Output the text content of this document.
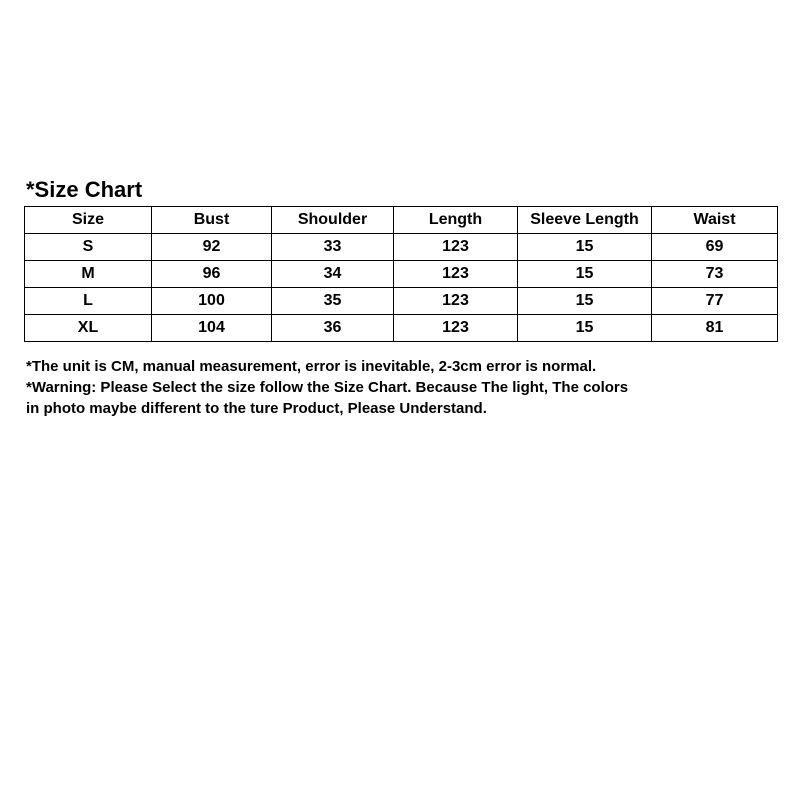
*Size Chart
Size	Bust	Shoulder	Length	Sleeve Length	Waist
S	92	33	123	15	69
M	96	34	123	15	73
L	100	35	123	15	77
XL	104	36	123	15	81
*The unit is CM, manual measurement, error is inevitable, 2-3cm error is normal. *Warning: Please Select the size follow the Size Chart. Because The light, The colors in photo maybe different to the ture Product, Please Understand.
